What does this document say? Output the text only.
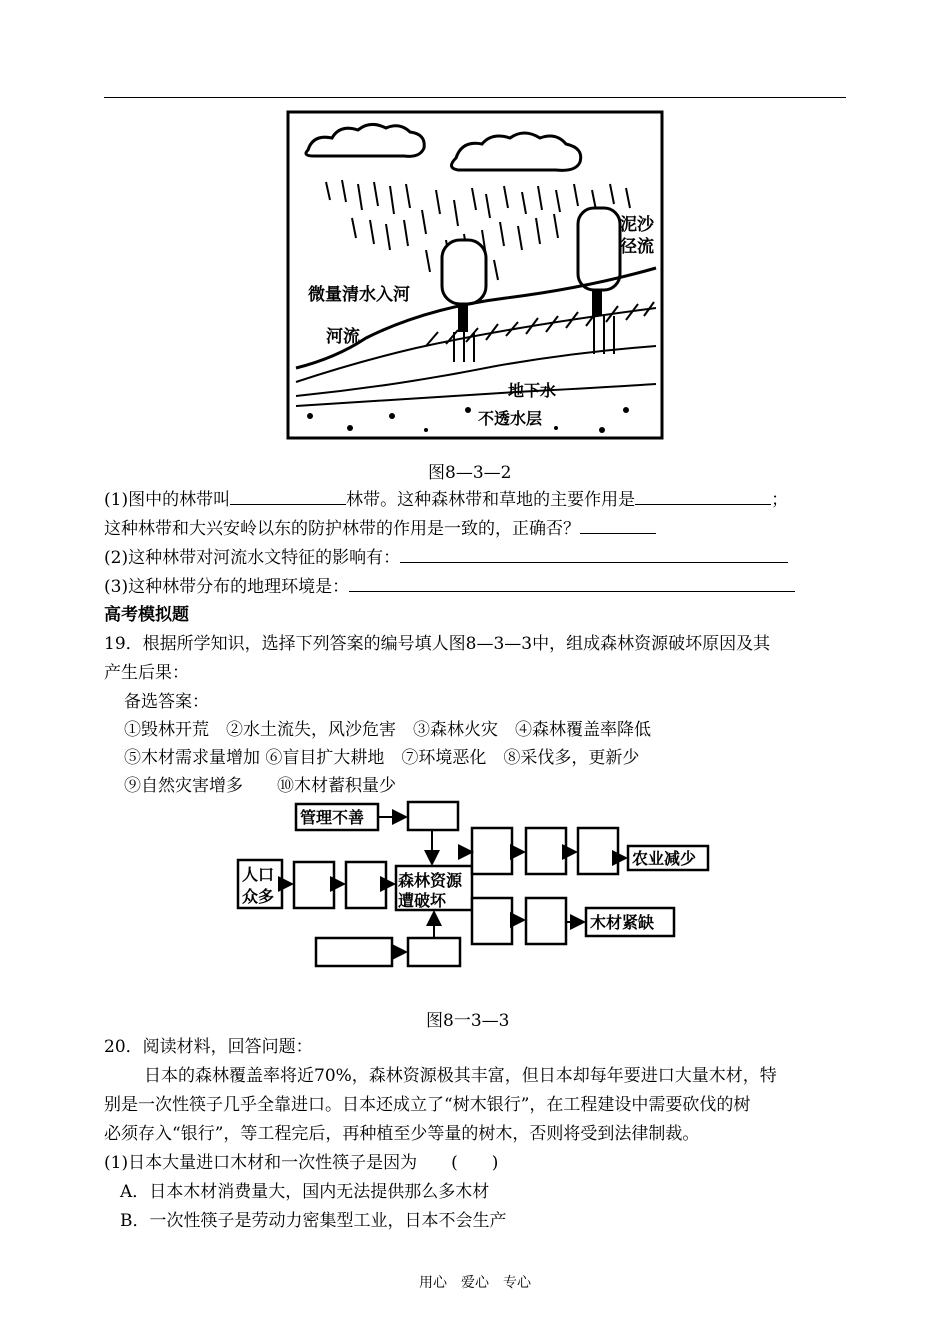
泥沙
径流
微量清水入河
河流
地下水
不透水层
图8—3—2
(1)图中的林带叫	林带。这种森林带和草地的主要作用是	；
这种林带和大兴安岭以东的防护林带的作用是一致的，正确否？
(2)这种林带对河流水文特征的影响有：
(3)这种林带分布的地理环境是：
高考模拟题
19．根据所学知识，选择下列答案的编号填人图8—3—3中，组成森林资源破坏原因及其
产生后果：
备选答案：
①毁林开荒　②水土流失，风沙危害　③森林火灾　④森林覆盖率降低
⑤木材需求量增加 ⑥盲目扩大耕地　⑦环境恶化　⑧采伐多，更新少
⑨自然灾害增多　　⑩木材蓄积量少
管理不善
人口
众多
森林资源
遭破坏
农业减少
木材紧缺
图8一3—3
20．阅读材料，回答问题：
日本的森林覆盖率将近70%，森林资源极其丰富，但日本却每年要进口大量木材，特
别是一次性筷子几乎全靠进口。日本还成立了“树木银行”，在工程建设中需要砍伐的树
必须存入“银行”，等工程完后，再种植至少等量的树木，否则将受到法律制裁。
(1)日本大量进口木材和一次性筷子是因为　　(　　)
A．日本木材消费量大，国内无法提供那么多木材
B．一次性筷子是劳动力密集型工业，日本不会生产
用心　爱心　专心
